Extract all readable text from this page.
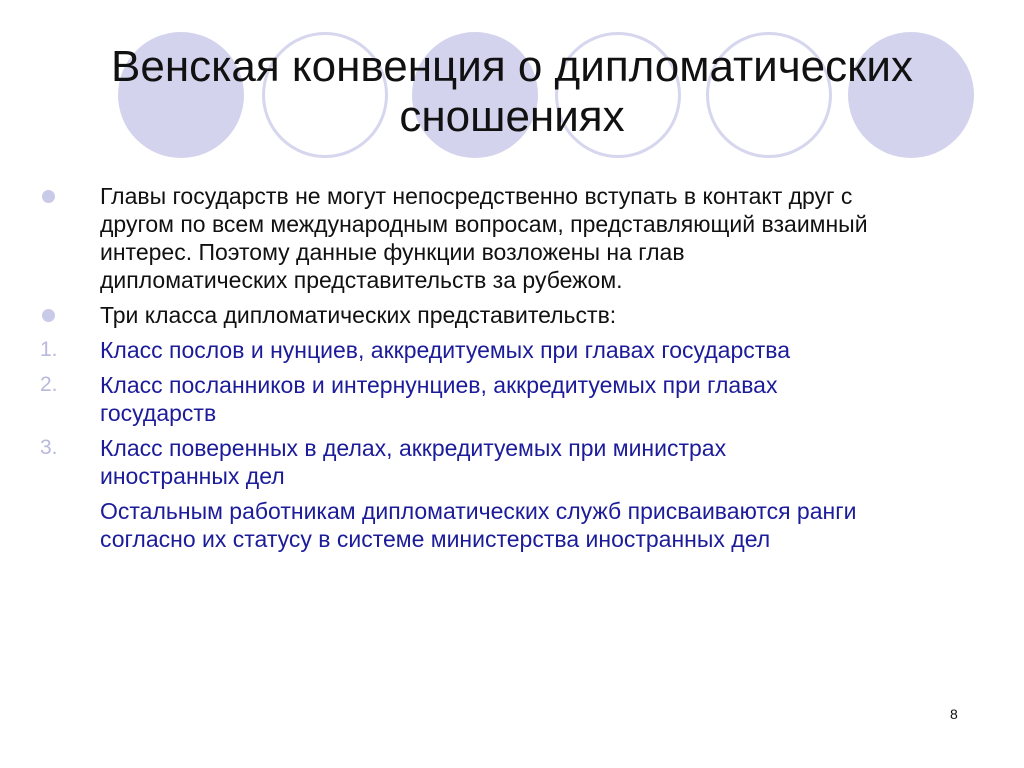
Венская конвенция о дипломатических сношениях
Главы государств не могут непосредственно вступать в контакт друг с другом по всем международным вопросам, представляющий взаимный интерес. Поэтому данные функции возложены на глав дипломатических представительств за рубежом.
Три класса дипломатических представительств:
1. Класс послов и нунциев, аккредитуемых при главах государства
2. Класс посланников и интернунциев, аккредитуемых при главах государств
3. Класс поверенных в делах, аккредитуемых при министрах иностранных дел
Остальным работникам дипломатических служб присваиваются ранги согласно их статусу в системе министерства иностранных дел
8
